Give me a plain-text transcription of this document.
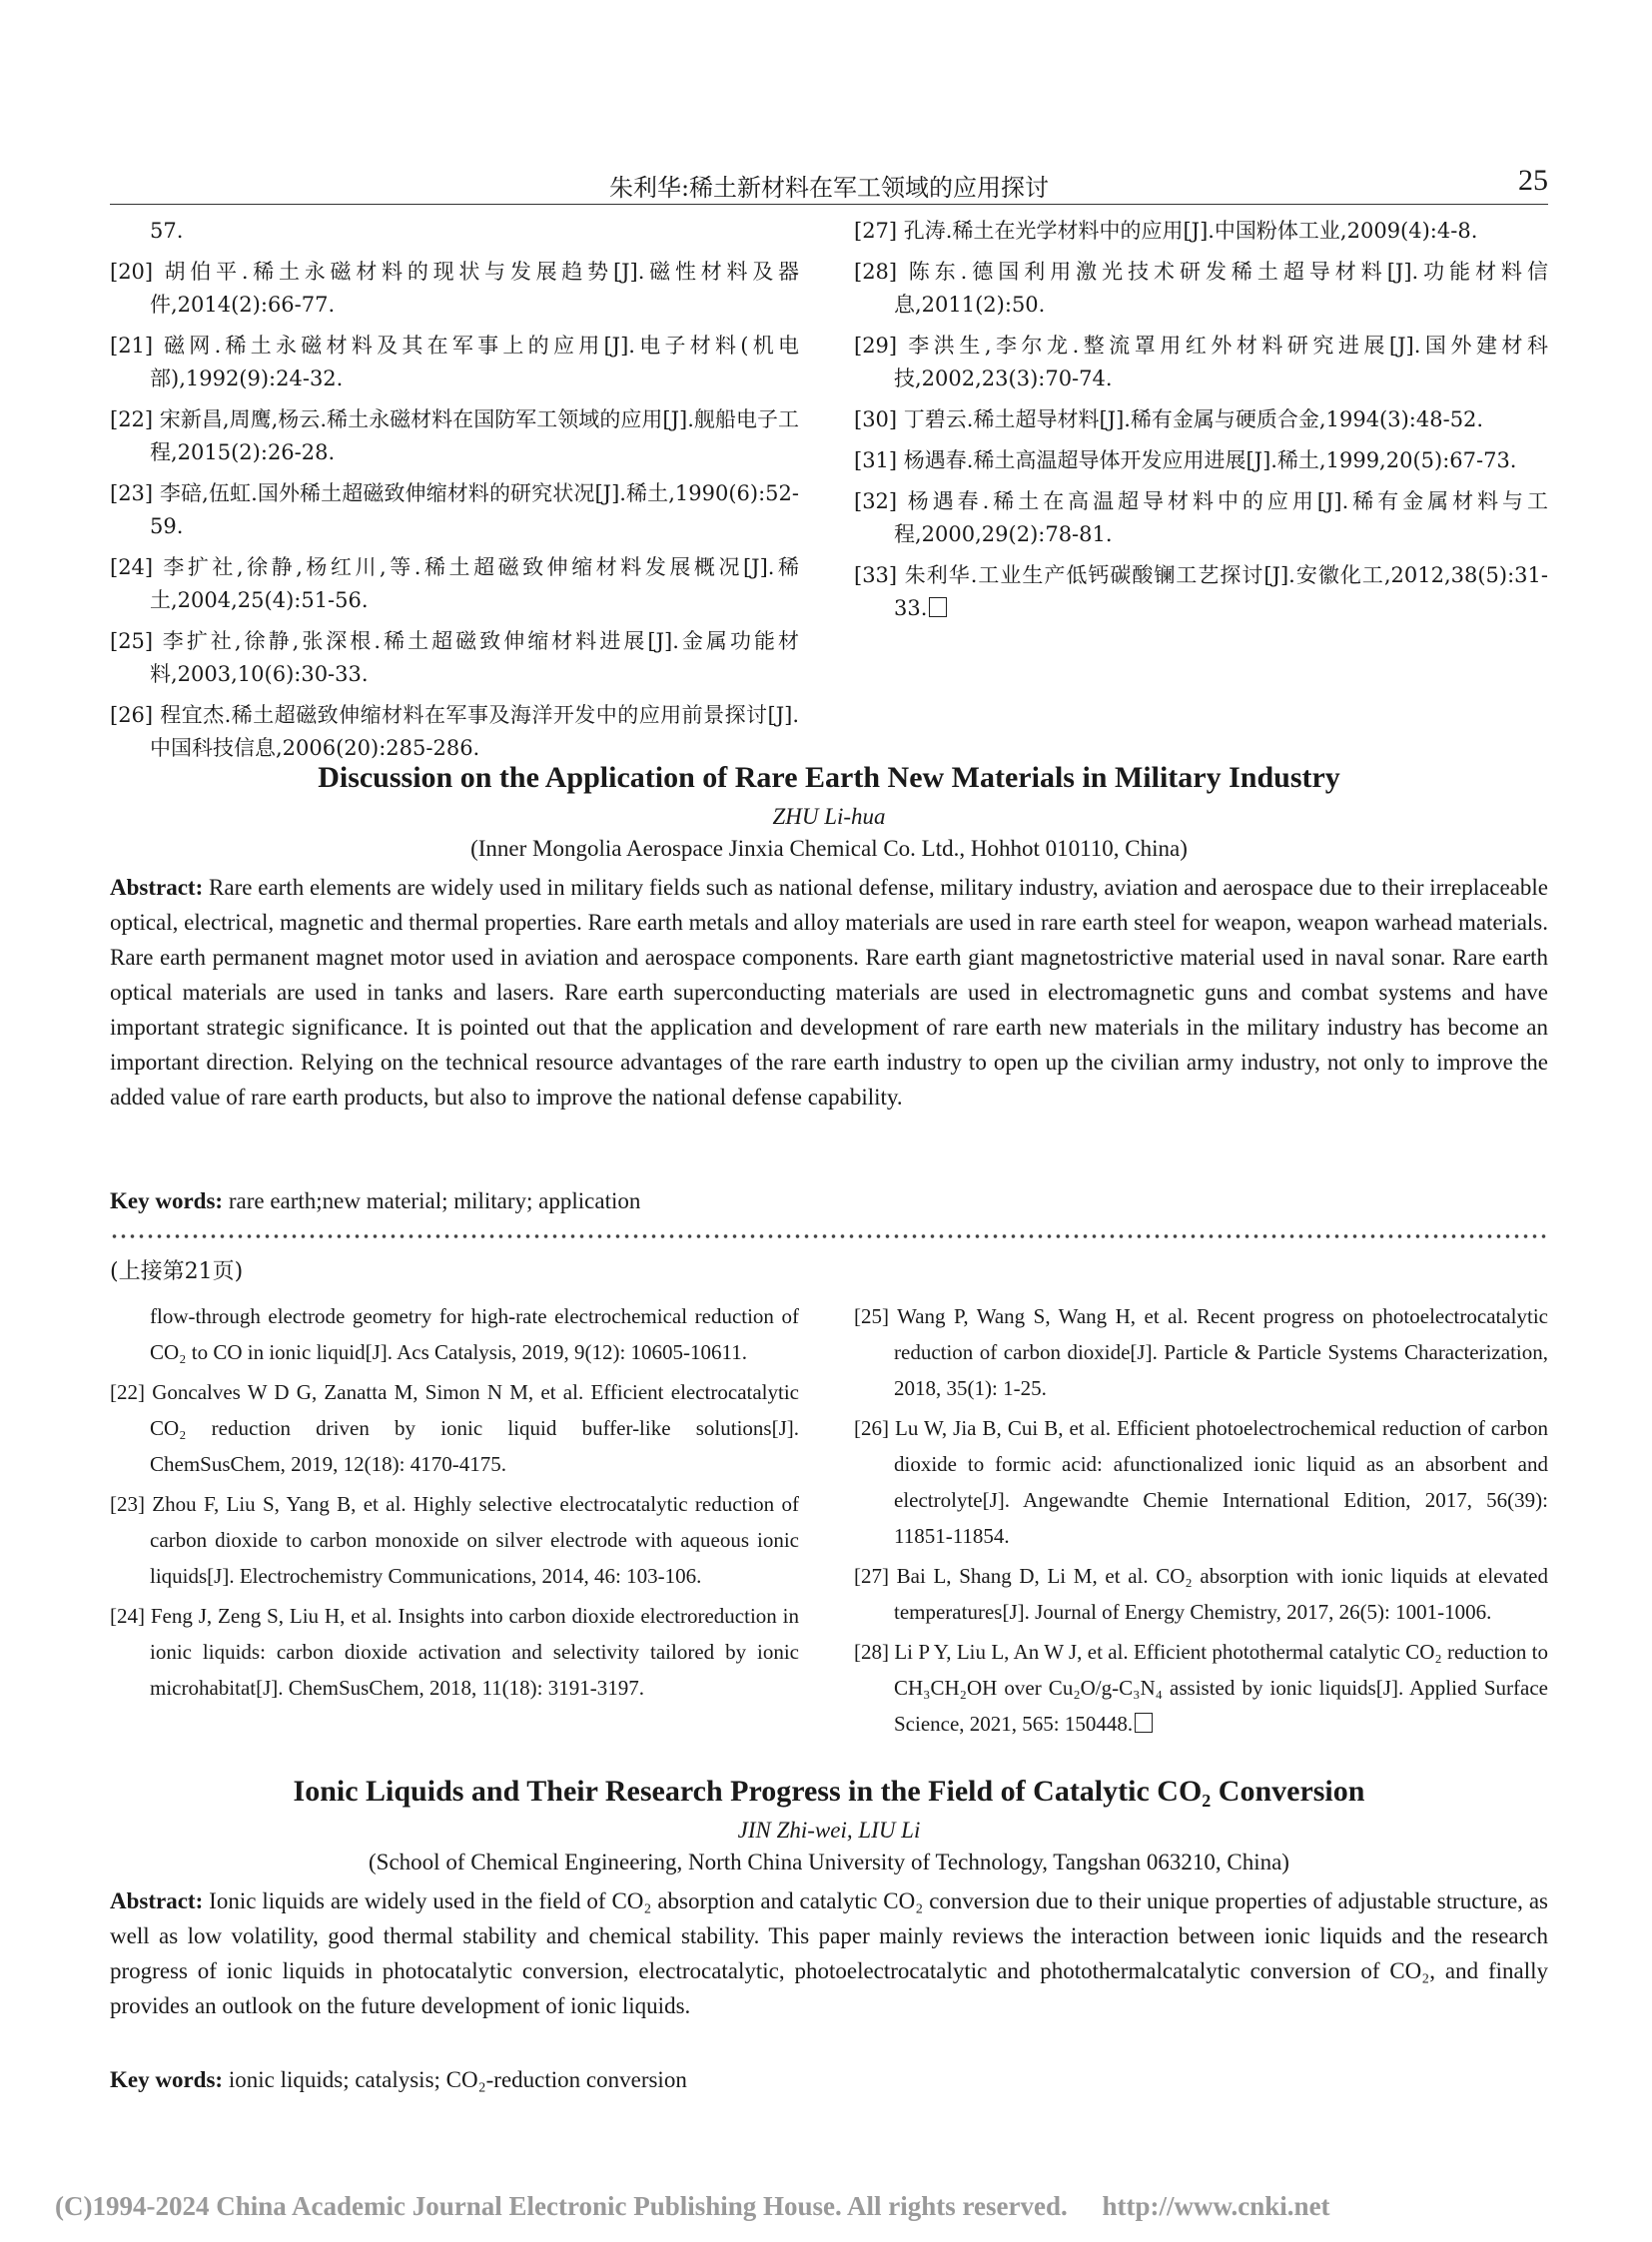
朱利华:稀土新材料在军工领域的应用探讨	25
57.
[20] 胡伯平.稀土永磁材料的现状与发展趋势[J].磁性材料及器件,2014(2):66-77.
[21] 磁网.稀土永磁材料及其在军事上的应用[J].电子材料(机电部),1992(9):24-32.
[22] 宋新昌,周鹰,杨云.稀土永磁材料在国防军工领域的应用[J].舰船电子工程,2015(2):26-28.
[23] 李碚,伍虹.国外稀土超磁致伸缩材料的研究状况[J].稀土,1990(6):52-59.
[24] 李扩社,徐静,杨红川,等.稀土超磁致伸缩材料发展概况[J].稀土,2004,25(4):51-56.
[25] 李扩社,徐静,张深根.稀土超磁致伸缩材料进展[J].金属功能材料,2003,10(6):30-33.
[26] 程宜杰.稀土超磁致伸缩材料在军事及海洋开发中的应用前景探讨[J].中国科技信息,2006(20):285-286.
[27] 孔涛.稀土在光学材料中的应用[J].中国粉体工业,2009(4):4-8.
[28] 陈东.德国利用激光技术研发稀土超导材料[J].功能材料信息,2011(2):50.
[29] 李洪生,李尔龙.整流罩用红外材料研究进展[J].国外建材科技,2002,23(3):70-74.
[30] 丁碧云.稀土超导材料[J].稀有金属与硬质合金,1994(3):48-52.
[31] 杨遇春.稀土高温超导体开发应用进展[J].稀土,1999,20(5):67-73.
[32] 杨遇春.稀土在高温超导材料中的应用[J].稀有金属材料与工程,2000,29(2):78-81.
[33] 朱利华.工业生产低钙碳酸镧工艺探讨[J].安徽化工,2012,38(5):31-33.
Discussion on the Application of Rare Earth New Materials in Military Industry
ZHU Li-hua
(Inner Mongolia Aerospace Jinxia Chemical Co. Ltd., Hohhot 010110, China)
Abstract: Rare earth elements are widely used in military fields such as national defense, military industry, aviation and aerospace due to their irreplaceable optical, electrical, magnetic and thermal properties. Rare earth metals and alloy materials are used in rare earth steel for weapon, weapon warhead materials. Rare earth permanent magnet motor used in aviation and aerospace components. Rare earth giant magnetostrictive material used in naval sonar. Rare earth optical materials are used in tanks and lasers. Rare earth superconducting materials are used in electromagnetic guns and combat systems and have important strategic significance. It is pointed out that the application and development of rare earth new materials in the military industry has become an important direction. Relying on the technical resource advantages of the rare earth industry to open up the civilian army industry, not only to improve the added value of rare earth products, but also to improve the national defense capability.
Key words: rare earth;new material; military; application
(上接第21页)
flow-through electrode geometry for high-rate electrochemical reduction of CO₂ to CO in ionic liquid[J]. Acs Catalysis, 2019, 9(12): 10605-10611.
[22] Goncalves W D G, Zanatta M, Simon N M, et al. Efficient electrocatalytic CO₂ reduction driven by ionic liquid buffer-like solutions[J]. ChemSusChem, 2019, 12(18): 4170-4175.
[23] Zhou F, Liu S, Yang B, et al. Highly selective electrocatalytic reduction of carbon dioxide to carbon monoxide on silver electrode with aqueous ionic liquids[J]. Electrochemistry Communications, 2014, 46: 103-106.
[24] Feng J, Zeng S, Liu H, et al. Insights into carbon dioxide electroreduction in ionic liquids: carbon dioxide activation and selectivity tailored by ionic microhabitat[J]. ChemSusChem, 2018, 11(18): 3191-3197.
[25] Wang P, Wang S, Wang H, et al. Recent progress on photoelectrocatalytic reduction of carbon dioxide[J]. Particle & Particle Systems Characterization, 2018, 35(1): 1-25.
[26] Lu W, Jia B, Cui B, et al. Efficient photoelectrochemical reduction of carbon dioxide to formic acid: afunctionalized ionic liquid as an absorbent and electrolyte[J]. Angewandte Chemie International Edition, 2017, 56(39): 11851-11854.
[27] Bai L, Shang D, Li M, et al. CO₂ absorption with ionic liquids at elevated temperatures[J]. Journal of Energy Chemistry, 2017, 26(5): 1001-1006.
[28] Li P Y, Liu L, An W J, et al. Efficient photothermal catalytic CO₂ reduction to CH₃CH₂OH over Cu₂O/g-C₃N₄ assisted by ionic liquids[J]. Applied Surface Science, 2021, 565: 150448.
Ionic Liquids and Their Research Progress in the Field of Catalytic CO₂ Conversion
JIN Zhi-wei, LIU Li
(School of Chemical Engineering, North China University of Technology, Tangshan 063210, China)
Abstract: Ionic liquids are widely used in the field of CO₂ absorption and catalytic CO₂ conversion due to their unique properties of adjustable structure, as well as low volatility, good thermal stability and chemical stability. This paper mainly reviews the interaction between ionic liquids and the research progress of ionic liquids in photocatalytic conversion, electrocatalytic, photoelectrocatalytic and photothermalcatalytic conversion of CO₂, and finally provides an outlook on the future development of ionic liquids.
Key words: ionic liquids; catalysis; CO₂-reduction conversion
(C)1994-2024 China Academic Journal Electronic Publishing House. All rights reserved. http://www.cnki.net
